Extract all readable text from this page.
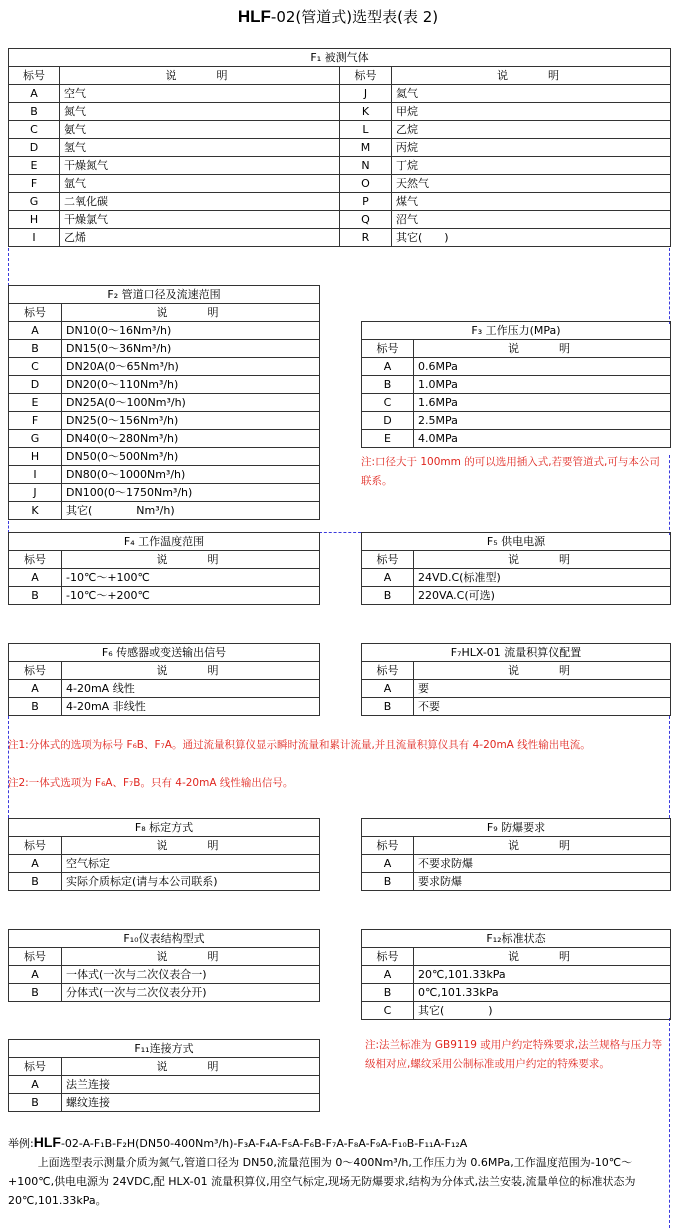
HLF-02(管道式)选型表(表 2)
F₁ 被测气体			
标号	说　　明	标号	说　　明
A	空气	J	氦气
B	氮气	K	甲烷
C	氨气	L	乙烷
D	氢气	M	丙烷
E	干燥氮气	N	丁烷
F	氩气	O	天然气
G	二氧化碳	P	煤气
H	干燥氯气	Q	沼气
I	乙烯	R	其它(　　)
F₂ 管道口径及流速范围	
标号	说　　明
A	DN10(0～16Nm³/h)
B	DN15(0～36Nm³/h)
C	DN20A(0～65Nm³/h)
D	DN20(0～110Nm³/h)
E	DN25A(0～100Nm³/h)
F	DN25(0～156Nm³/h)
G	DN40(0～280Nm³/h)
H	DN50(0～500Nm³/h)
I	DN80(0～1000Nm³/h)
J	DN100(0～1750Nm³/h)
K	其它(　　　　Nm³/h)
F₃ 工作压力(MPa)	
标号	说　　明
A	0.6MPa
B	1.0MPa
C	1.6MPa
D	2.5MPa
E	4.0MPa
注:口径大于 100mm 的可以选用插入式,若要管道式,可与本公司联系。
F₄ 工作温度范围	
标号	说　　明
A	-10℃～+100℃
B	-10℃～+200℃
F₅ 供电电源	
标号	说　　明
A	24VD.C(标准型)
B	220VA.C(可选)
F₆ 传感器或变送输出信号	
标号	说　　明
A	4-20mA 线性
B	4-20mA 非线性
F₇HLX-01 流量积算仪配置	
标号	说　　明
A	要
B	不要
注1:分体式的选项为标号 F₆B、F₇A。通过流量积算仪显示瞬时流量和累计流量,并且流量积算仪具有 4-20mA 线性输出电流。
注2:一体式选项为 F₆A、F₇B。只有 4-20mA 线性输出信号。
F₈ 标定方式	
标号	说　　明
A	空气标定
B	实际介质标定(请与本公司联系)
F₉ 防爆要求	
标号	说　　明
A	不要求防爆
B	要求防爆
F₁₀仪表结构型式	
标号	说　　明
A	一体式(一次与二次仪表合一)
B	分体式(一次与二次仪表分开)
F₁₂标准状态	
标号	说　　明
A	20℃,101.33kPa
B	0℃,101.33kPa
C	其它(　　　　)
注:法兰标准为 GB9119 或用户约定特殊要求,法兰规格与压力等级相对应,螺纹采用公制标准或用户约定的特殊要求。
F₁₁连接方式	
标号	说　　明
A	法兰连接
B	螺纹连接
举例:HLF-02-A-F₁B-F₂H(DN50-400Nm³/h)-F₃A-F₄A-F₅A-F₆B-F₇A-F₈A-F₉A-F₁₀B-F₁₁A-F₁₂A
上面选型表示测量介质为氮气,管道口径为 DN50,流量范围为 0～400Nm³/h,工作压力为 0.6MPa,工作温度范围为-10℃～+100℃,供电电源为 24VDC,配 HLX-01 流量积算仪,用空气标定,现场无防爆要求,结构为分体式,法兰安装,流量单位的标准状态为 20℃,101.33kPa。
